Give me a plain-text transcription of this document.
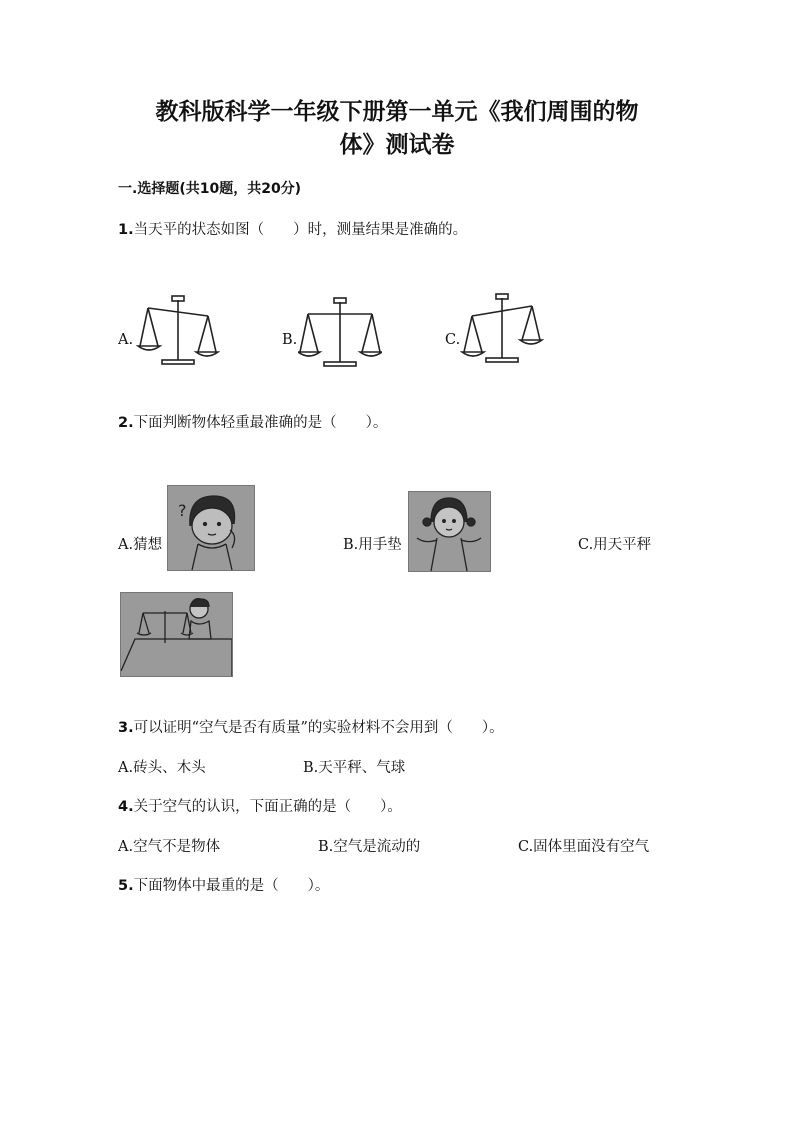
教科版科学一年级下册第一单元《我们周围的物
体》测试卷
一.选择题(共10题，共20分)
1.当天平的状态如图（　　）时，测量结果是准确的。
A.	B.	C.
2.下面判断物体轻重最准确的是（　　）。
A.猜想
?
B.用手垫	C.用天平秤
3.可以证明“空气是否有质量”的实验材料不会用到（　　）。
A.砖头、木头	B.天平秤、气球
4.关于空气的认识，下面正确的是（　　）。
A.空气不是物体	B.空气是流动的	C.固体里面没有空气
5.下面物体中最重的是（　　）。
